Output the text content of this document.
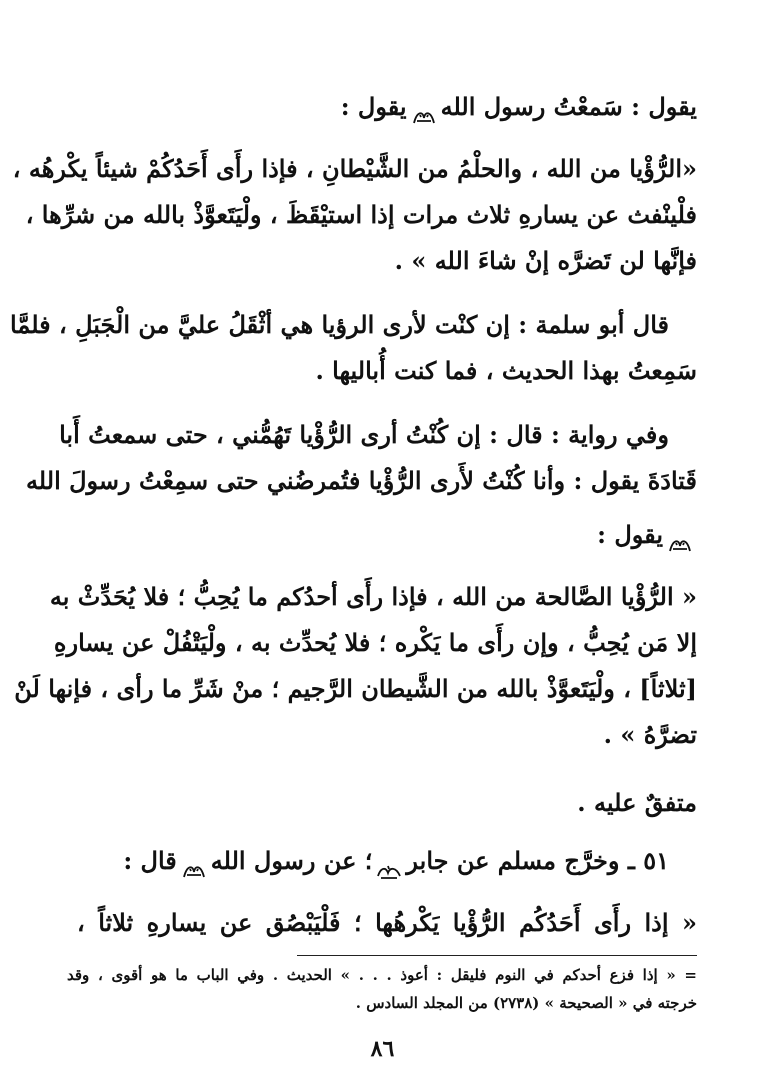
يقول : سَمعْتُ رسول اللهيقول :
«الرُّؤْيا من الله ، والحلْمُ من الشَّيْطانِ ، فإذا رأَى أَحَدُكُمْ شيئاً يكْرهُه ،
فلْينْفث عن يسارهِ ثلاث مرات إذا استيْقَظَ ، ولْيَتَعوَّذْ بالله من شرِّها ،
فإنَّها لن تَضرَّه إنْ شاءَ الله » .
قال أبو سلمة : إن كنْت لأرى الرؤيا هي أثْقَلُ عليَّ من الْجَبَلِ ، فلمَّا
سَمِعتُ بهذا الحديث ، فما كنت أُباليها .
وفي رواية : قال : إن كُنْتُ أرى الرُّؤْيا تَهُمُّني ، حتى سمعتُ أَبا
قَتادَةَ يقول : وأنا كُنْتُ لأَرى الرُّؤْيا فتُمرضُني حتى سمِعْتُ رسولَ الله
يقول :
« الرُّؤْيا الصَّالحة من الله ، فإذا رأَى أحدُكم ما يُحِبُّ ؛ فلا يُحَدِّثْ به
إلا مَن يُحِبُّ ، وإن رأَى ما يَكْره ؛ فلا يُحدِّث به ، ولْيَتْفُلْ عن يسارهِ
[ثلاثاً] ، ولْيَتَعوَّذْ بالله من الشَّيطان الرَّجيم ؛ منْ شَرِّ ما رأى ، فإنها لَنْ
تضرَّهُ » .
متفقٌ عليه .
٥١ ـ وخرَّج مسلم عن جابر؛ عن رسول اللهقال :
« إذا رأَى أَحَدُكُم الرُّؤْيا يَكْرهُها ؛ فَلْيَبْصُق عن يسارهِ ثلاثاً ،
= « إذا فزع أحدكم في النوم فليقل : أعوذ . . . » الحديث . وفي الباب ما هو أقوى ، وقد
خرجته في « الصحيحة » (٢٧٣٨) من المجلد السادس .
٨٦
